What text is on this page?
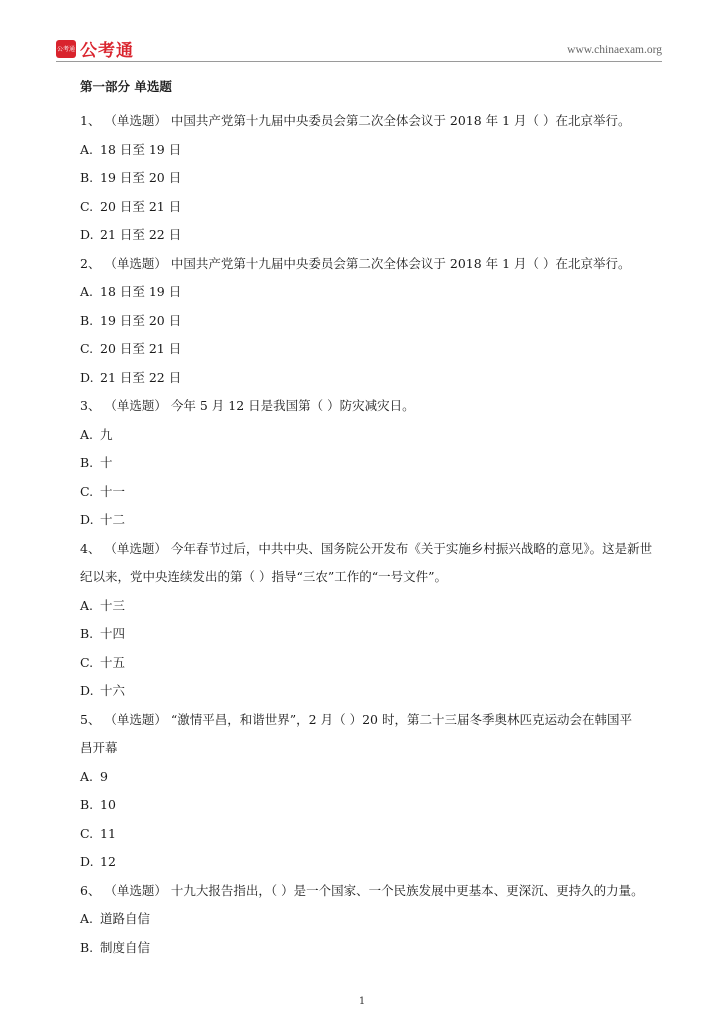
公考通 公考通	www.chinaexam.org
第一部分 单选题
1、 （单选题） 中国共产党第十九届中央委员会第二次全体会议于 2018 年 1 月（ ）在北京举行。
A. 18 日至 19 日
B. 19 日至 20 日
C. 20 日至 21 日
D. 21 日至 22 日
2、 （单选题） 中国共产党第十九届中央委员会第二次全体会议于 2018 年 1 月（ ）在北京举行。
A. 18 日至 19 日
B. 19 日至 20 日
C. 20 日至 21 日
D. 21 日至 22 日
3、 （单选题） 今年 5 月 12 日是我国第（ ）防灾减灾日。
A. 九
B. 十
C. 十一
D. 十二
4、 （单选题） 今年春节过后，中共中央、国务院公开发布《关于实施乡村振兴战略的意见》。这是新世
纪以来，党中央连续发出的第（ ）指导“三农”工作的“一号文件”。
A. 十三
B. 十四
C. 十五
D. 十六
5、 （单选题） “激情平昌，和谐世界”，2 月（ ）20 时，第二十三届冬季奥林匹克运动会在韩国平
昌开幕
A. 9
B. 10
C. 11
D. 12
6、 （单选题） 十九大报告指出，（ ）是一个国家、一个民族发展中更基本、更深沉、更持久的力量。
A. 道路自信
B. 制度自信
1
